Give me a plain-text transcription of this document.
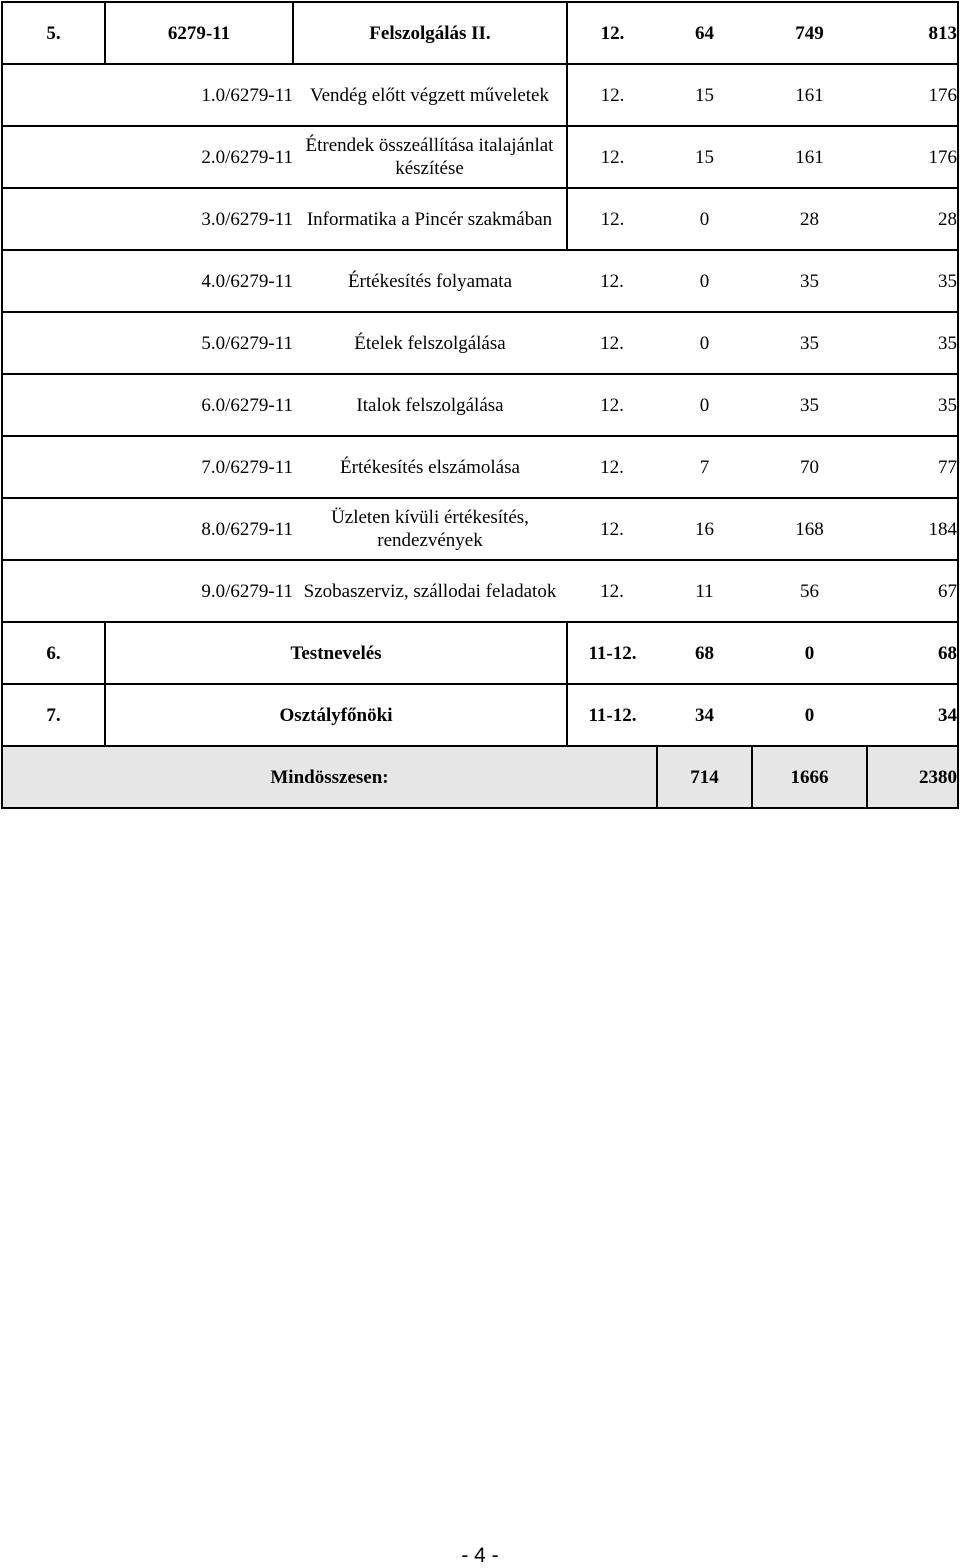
5.	6279-11	Felszolgálás II.	12.	64	749	813
1.0/6279-11		Vendég előtt végzett műveletek	12.	15	161	176
2.0/6279-11		Étrendek összeállítása italajánlat készítése	12.	15	161	176
3.0/6279-11		Informatika a Pincér szakmában	12.	0	28	28
4.0/6279-11		Értékesítés folyamata	12.	0	35	35
5.0/6279-11		Ételek felszolgálása	12.	0	35	35
6.0/6279-11		Italok felszolgálása	12.	0	35	35
7.0/6279-11		Értékesítés elszámolása	12.	7	70	77
8.0/6279-11		Üzleten kívüli értékesítés, rendezvények	12.	16	168	184
9.0/6279-11		Szobaszerviz, szállodai feladatok	12.	11	56	67
6.	Testnevelés		11-12.	68	0	68
7.	Osztályfőnöki		11-12.	34	0	34
Mindösszesen:				714	1666	2380
- 4 -
